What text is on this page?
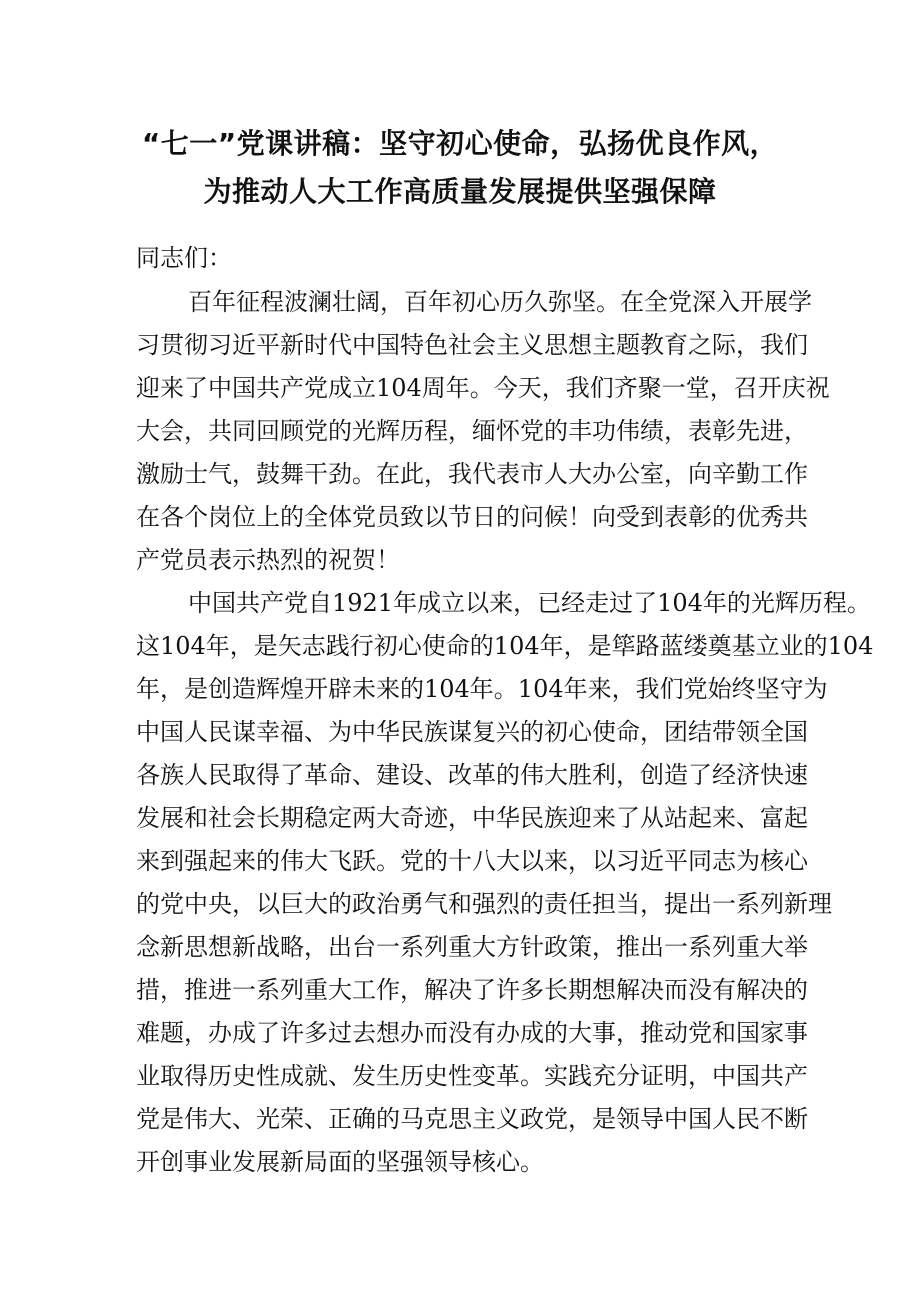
“七一”党课讲稿：坚守初心使命，弘扬优良作风，
为推动人大工作高质量发展提供坚强保障
同志们：
百年征程波澜壮阔，百年初心历久弥坚。在全党深入开展学
习贯彻习近平新时代中国特色社会主义思想主题教育之际，我们
迎来了中国共产党成立104周年。今天，我们齐聚一堂，召开庆祝
大会，共同回顾党的光辉历程，缅怀党的丰功伟绩，表彰先进，
激励士气，鼓舞干劲。在此，我代表市人大办公室，向辛勤工作
在各个岗位上的全体党员致以节日的问候！向受到表彰的优秀共
产党员表示热烈的祝贺！
中国共产党自1921年成立以来，已经走过了104年的光辉历程。
这104年，是矢志践行初心使命的104年，是筚路蓝缕奠基立业的104
年，是创造辉煌开辟未来的104年。104年来，我们党始终坚守为
中国人民谋幸福、为中华民族谋复兴的初心使命，团结带领全国
各族人民取得了革命、建设、改革的伟大胜利，创造了经济快速
发展和社会长期稳定两大奇迹，中华民族迎来了从站起来、富起
来到强起来的伟大飞跃。党的十八大以来，以习近平同志为核心
的党中央，以巨大的政治勇气和强烈的责任担当，提出一系列新理
念新思想新战略，出台一系列重大方针政策，推出一系列重大举
措，推进一系列重大工作，解决了许多长期想解决而没有解决的
难题，办成了许多过去想办而没有办成的大事，推动党和国家事
业取得历史性成就、发生历史性变革。实践充分证明，中国共产
党是伟大、光荣、正确的马克思主义政党，是领导中国人民不断
开创事业发展新局面的坚强领导核心。
